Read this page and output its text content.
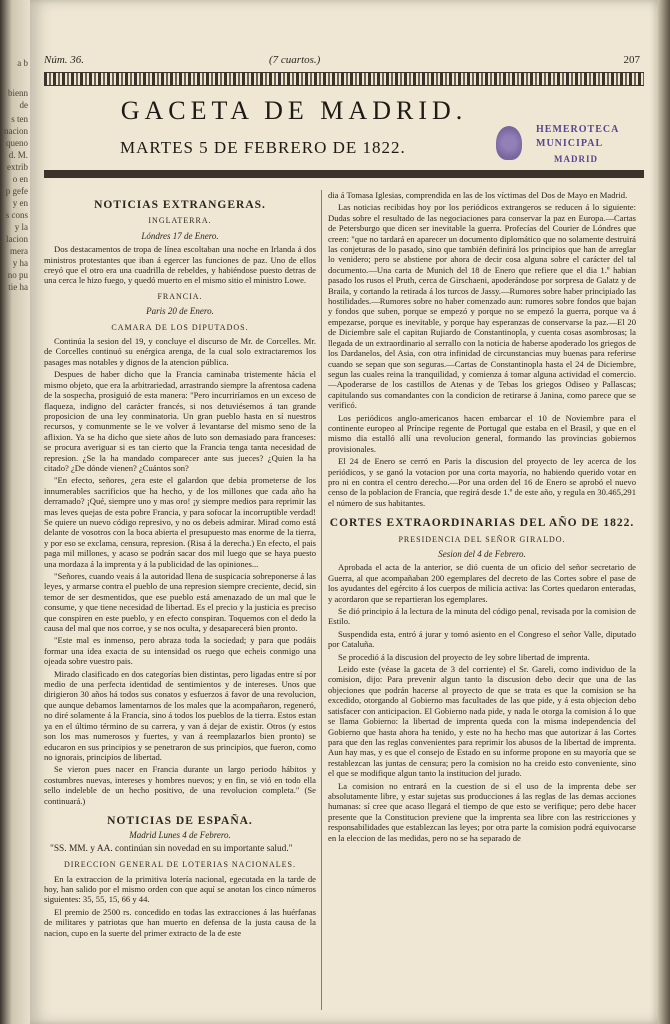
a b
bienn
de
s ten
nacion
queno
d. M.
extrib
o en
p gefe
y en
s cons
y la
lacion
mera
y ha
no pu
tie ha
Núm. 36.	(7 cuartos.)	207
GACETA DE MADRID.
MARTES 5 DE FEBRERO DE 1822.
HEMEROTECA
MUNICIPAL
MADRID
NOTICIAS EXTRANGERAS.
INGLATERRA.
Lóndres 17 de Enero.

Dos destacamentos de tropa de línea escoltaban una noche en Irlanda á dos ministros protestantes que iban á egercer las funciones de paz. Uno de ellos creyó que el otro era una cuadrilla de rebeldes, y habiéndose puesto detras de una cerca le hizo fuego, y quedó muerto en el mismo sitio el ministro Lowe.

FRANCIA.
Paris 20 de Enero.
CAMARA DE LOS DIPUTADOS.

Continúa la sesion del 19, y concluye el discurso de Mr. de Corcelles. Mr. de Corcelles continuó su enérgica arenga, de la cual solo extractaremos los pasages mas notables y dignos de la atencion pública.

Despues de haber dicho que la Francia caminaba tristemente hácia el mismo objeto, que era la arbitrariedad, arrastrando siempre la afrentosa cadena de la sospecha, prosiguió de esta manera: "Pero incurriríamos en un exceso de flaqueza, indigno del carácter francés, si nos detuviésemos á tan grande proposicion de una ley conminatoria. Un gran pueblo hasta en sí nuestros recursos, y comunmente se le ve volver á levantarse del mismo seno de la aflixion. Ya se ha dicho que siete años de luto son demasiado para franceses: se procura averiguar si es tan cierto que la Francia tenga tanta necesidad de represion. ¿Se la ha mandado comparecer ante sus jueces? ¿Quien la ha citado? ¿De dónde vienen? ¿Cuántos son?

"En efecto, señores, ¿era este el galardon que debia prometerse de los innumerables sacrificios que ha hecho, y de los millones que cada año ha derramado? ¡Qué, siempre uno y mas oro! ¡y siempre medios para reprimir las mas leves quejas de esta pobre Francia, y para sofocar la incorruptible verdad! Se quiere un nuevo código represivo, y no os debeis admirar. Mirad como está delante de vosotros con la boca abierta el presupuesto mas enorme de la tierra, y por eso se exclama, censura, represion. (Risa á la derecha.) En efecto, el pais paga mil millones, y acaso se podrán sacar dos mil luego que se haya puesto una mordaza á la imprenta y á la publicidad de las opiniones...

"Señores, cuando veais á la autoridad llena de suspicacia sobreponerse á las leyes, y armarse contra el pueblo de una represion siempre creciente, decid, sin temor de ser desmentidos, que ese pueblo está amenazado de un mal que le consume, y que tiene necesidad de libertad. Es el precio y la justicia es preciso que conspiren en este pueblo, y en efecto conspiran. Toquemos con el dedo la causa del mal que nos corroe, y se nos oculta, y desaparecerá bien pronto.

"Este mal es inmenso, pero abraza toda la sociedad; y para que podáis formar una idea exacta de su intensidad os ruego que echeis conmigo una ojeada sobre vuestro pais.

Mirado clasificado en dos categorías bien distintas, pero ligadas entre sí por medio de una perfecta identidad de sentimientos y de intereses. Unos que dirigieron 30 años há todos sus conatos y esfuerzos á favor de una revolucion, que aunque debamos lamentarnos de los males que la acompañaron, regeneró, no diré solamente á la Francia, sino á todos los pueblos de la tierra. Estos estan ya en el último término de su carrera, y van á dejar de existir. Otros (y estos son los mas numerosos y fuertes, y van á reemplazarlos bien pronto) se educaron en sus principios y se penetraron de sus principios, que fueron, como no ignorais, principios de libertad.

Se vieron pues nacer en Francia durante un largo periodo hábitos y costumbres nuevas, intereses y hombres nuevos; y en fin, se vió en todo ella sello indeleble de un hecho positivo, de una revolucion completa." (Se continuará.)

NOTICIAS DE ESPAÑA.
Madrid Lunes 4 de Febrero.

"SS. MM. y AA. continúan sin novedad en su importante salud."

DIRECCION GENERAL DE LOTERIAS NACIONALES.

En la extraccion de la primitiva lotería nacional, egecutada en la tarde de hoy, han salido por el mismo orden con que aquí se anotan los cinco números siguientes: 35, 55, 15, 66 y 44.

El premio de 2500 rs. concedido en todas las extracciones á las huérfanas de militares y patriotas que han muerto en defensa de la justa causa de la nacion, cupo en la suerte del primer extracto de la de este

dia á Tomasa Iglesias, comprendida en las de los víctimas del Dos de Mayo en Madrid.

Las noticias recibidas hoy por los periódicos extrangeros se reducen á lo siguiente: Dudas sobre el resultado de las negociaciones para conservar la paz en Europa.—Cartas de Petersburgo que dicen ser inevitable la guerra. Profecías del Courier de Lóndres que creen: "que no tardará en aparecer un documento diplomático que no solamente destruirá las conjeturas de lo pasado, sino que también definirá los principios que han de arreglar lo venidero; pero se abstiene por ahora de decir cosa alguna sobre el carácter del tal documento.—Una carta de Munich del 18 de Enero que refiere que el dia 1.º habian pasado los rusos el Pruth, cerca de Girschaeni, apoderándose por sorpresa de Galatz y de Braila, y cortando la retirada á los turcos de Jassy.—Rumores sobre haber principiado las hostilidades.—Rumores sobre no haber comenzado aun: rumores sobre fondos que bajan y fondos que suben, porque se empezó y porque no se empezó la guerra, porque va á empezarse, porque es inevitable, y porque hay esperanzas de conservarse la paz.—El 20 de Diciembre sale el capitan Rujiardo de Constantinopla, y cuenta cosas asombrosas; la llegada de un extraordinario al serrallo con la noticia de haberse apoderado los griegos de los Dardanelos, del Asia, con otra infinidad de circunstancias muy buenas para referirse cuando se sepan que son seguras.—Cartas de Constantinopla hasta el 24 de Diciembre, segun las cuales reina la tranquilidad, y comienza á tomar alguna actividad el comercio.—Apoderarse de los castillos de Atenas y de Tebas los griegos Odiseo y Pallascas; capitulando sus comandantes con la condicion de retirarse á Janina, como parece que se verificó.

Los periódicos anglo-americanos hacen embarcar el 10 de Noviembre para el continente europeo al Príncipe regente de Portugal que estaba en el Brasil, y que en el mismo dia estalló allí una revolucion general, formando las provincias gobiernos provisionales.

El 24 de Enero se cerró en Paris la discusion del proyecto de ley acerca de los periódicos, y se ganó la votacion por una corta mayoría, no habiendo querido votar en pro ni en contra el centro derecho.—Por una orden del 16 de Enero se aprobó el nuevo censo de la poblacion de Francia, que regirá desde 1.º de este año, y regula en 30.465,291 el número de sus habitantes.

CORTES EXTRAORDINARIAS DEL AÑO DE 1822.
PRESIDENCIA DEL SEÑOR GIRALDO.
Sesion del 4 de Febrero.

Aprobada el acta de la anterior, se dió cuenta de un oficio del señor secretario de Guerra, al que acompañaban 200 egemplares del decreto de las Cortes sobre el pase de los ayudantes del egército á los cuerpos de milicia activa: las Cortes quedaron enteradas, y acordaron que se repartieran los egemplares.

Se dió principio á la lectura de la minuta del código penal, revisada por la comision de Estilo.

Suspendida esta, entró á jurar y tomó asiento en el Congreso el señor Valle, diputado por Cataluña.

Se procedió á la discusion del proyecto de ley sobre libertad de imprenta.

Leido este (véase la gaceta de 3 del corriente) el Sr. Gareli, como individuo de la comision, dijo: Para prevenir algun tanto la discusion debo decir que una de las objeciones que podrán hacerse al proyecto de que se trata es que la comision se ha excedido, otorgando al Gobierno mas facultades de las que pide, y á esta objecion debo satisfacer con anticipacion. El Gobierno nada pide, y nada le otorga la comision á lo que se llama Gobierno: la libertad de imprenta queda con la misma independencia del Gobierno que hasta ahora ha tenido, y este no ha hecho mas que autorizar á las Cortes para que den las reglas convenientes para reprimir los abusos de la libertad de imprenta. Aun hay mas, y es que el consejo de Estado en su informe propone en su mayoría que se restablezcan las juntas de censura; pero la comision no ha creido esto conveniente, sino el que se modifique algun tanto la institucion del jurado.

La comision no entrará en la cuestion de si el uso de la imprenta debe ser absolutamente libre, y estar sujetas sus producciones á las reglas de las demas acciones humanas: sí cree que acaso llegará el tiempo de que esto se verifique; pero debe hacer presente que la Constitucion previene que la imprenta sea libre con las restricciones y responsabilidades que establezcan las leyes; por otra parte la comision podrá equivocarse en la eleccion de las medidas, pero no se ha separado de
